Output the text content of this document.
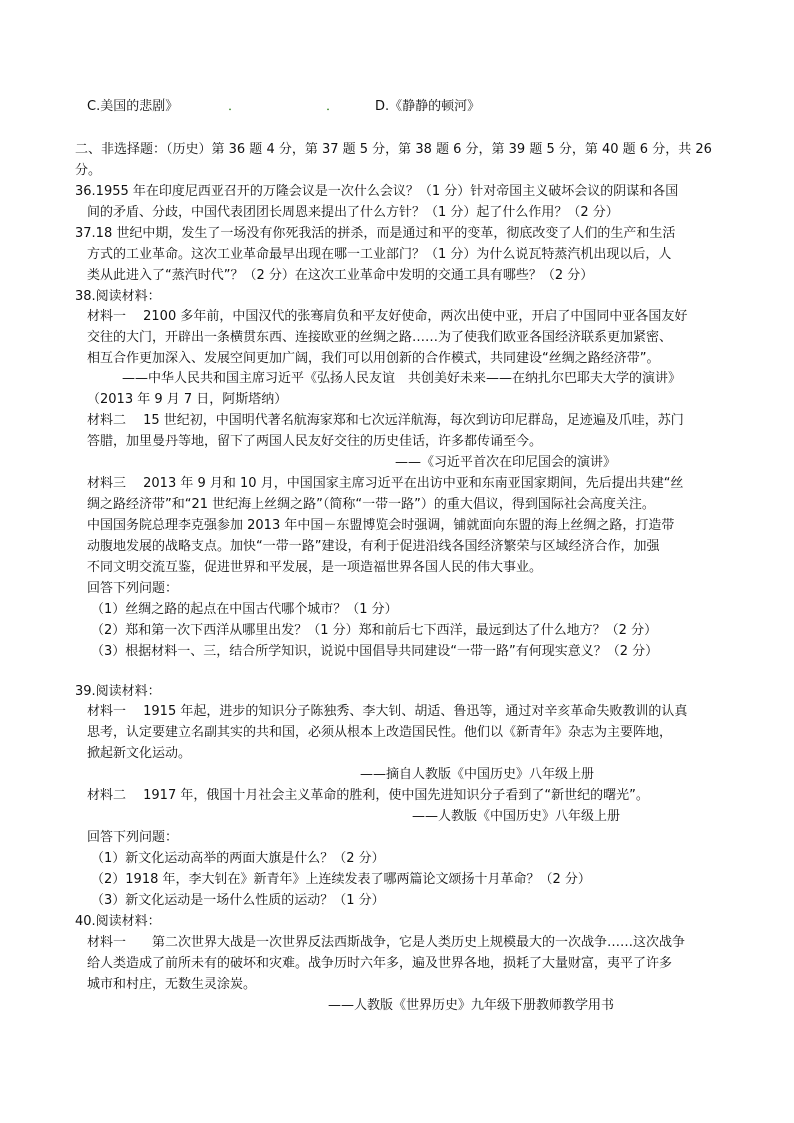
C.美国的悲剧》	．	．	D.《静静的顿河》
二、非选择题：（历史）第 36 题 4 分，第 37 题 5 分，第 38 题 6 分，第 39 题 5 分，第 40 题 6 分，共 26
分。
36.1955 年在印度尼西亚召开的万隆会议是一次什么会议？（1 分）针对帝国主义破坏会议的阴谋和各国
间的矛盾、分歧，中国代表团团长周恩来提出了什么方针？（1 分）起了什么作用？（2 分）
37.18 世纪中期，发生了一场没有你死我活的拼杀，而是通过和平的变革，彻底改变了人们的生产和生活
方式的工业革命。这次工业革命最早出现在哪一工业部门？（1 分）为什么说瓦特蒸汽机出现以后，人
类从此进入了“蒸汽时代”？（2 分）在这次工业革命中发明的交通工具有哪些？（2 分）
38.阅读材料：
材料一　 2100 多年前，中国汉代的张骞肩负和平友好使命，两次出使中亚，开启了中国同中亚各国友好
交往的大门，开辟出一条横贯东西、连接欧亚的丝绸之路……为了使我们欧亚各国经济联系更加紧密、
相互合作更加深入、发展空间更加广阔，我们可以用创新的合作模式，共同建设“丝绸之路经济带”。
——中华人民共和国主席习近平《弘扬人民友谊　共创美好未来——在纳扎尔巴耶夫大学的演讲》
（2013 年 9 月 7 日，阿斯塔纳）
材料二　 15 世纪初，中国明代著名航海家郑和七次远洋航海，每次到访印尼群岛，足迹遍及爪哇，苏门
答腊，加里曼丹等地，留下了两国人民友好交往的历史佳话，许多都传诵至今。
——《习近平首次在印尼国会的演讲》
材料三　 2013 年 9 月和 10 月，中国国家主席习近平在出访中亚和东南亚国家期间，先后提出共建“丝
绸之路经济带”和“21 世纪海上丝绸之路”（简称“一带一路”）的重大倡议，得到国际社会高度关注。
中国国务院总理李克强参加 2013 年中国－东盟博览会时强调，铺就面向东盟的海上丝绸之路，打造带
动腹地发展的战略支点。加快“一带一路”建设，有利于促进沿线各国经济繁荣与区域经济合作，加强
不同文明交流互鉴，促进世界和平发展，是一项造福世界各国人民的伟大事业。
回答下列问题：
（1）丝绸之路的起点在中国古代哪个城市？（1 分）
（2）郑和第一次下西洋从哪里出发？（1 分）郑和前后七下西洋，最远到达了什么地方？（2 分）
（3）根据材料一、三，结合所学知识，说说中国倡导共同建设“一带一路”有何现实意义？（2 分）
39.阅读材料：
材料一　 1915 年起，进步的知识分子陈独秀、李大钊、胡适、鲁迅等，通过对辛亥革命失败教训的认真
思考，认定要建立名副其实的共和国，必须从根本上改造国民性。他们以《新青年》杂志为主要阵地，
掀起新文化运动。
——摘自人教版《中国历史》八年级上册
材料二　 1917 年，俄国十月社会主义革命的胜利，使中国先进知识分子看到了“新世纪的曙光”。
——人教版《中国历史》八年级上册
回答下列问题：
（1）新文化运动高举的两面大旗是什么？（2 分）
（2）1918 年，李大钊在》新青年》上连续发表了哪两篇论文颂扬十月革命？（2 分）
（3）新文化运动是一场什么性质的运动？（1 分）
40.阅读材料：
材料一　　第二次世界大战是一次世界反法西斯战争，它是人类历史上规模最大的一次战争……这次战争
给人类造成了前所未有的破坏和灾难。战争历时六年多，遍及世界各地，损耗了大量财富，夷平了许多
城市和村庄，无数生灵涂炭。
——人教版《世界历史》九年级下册教师教学用书
